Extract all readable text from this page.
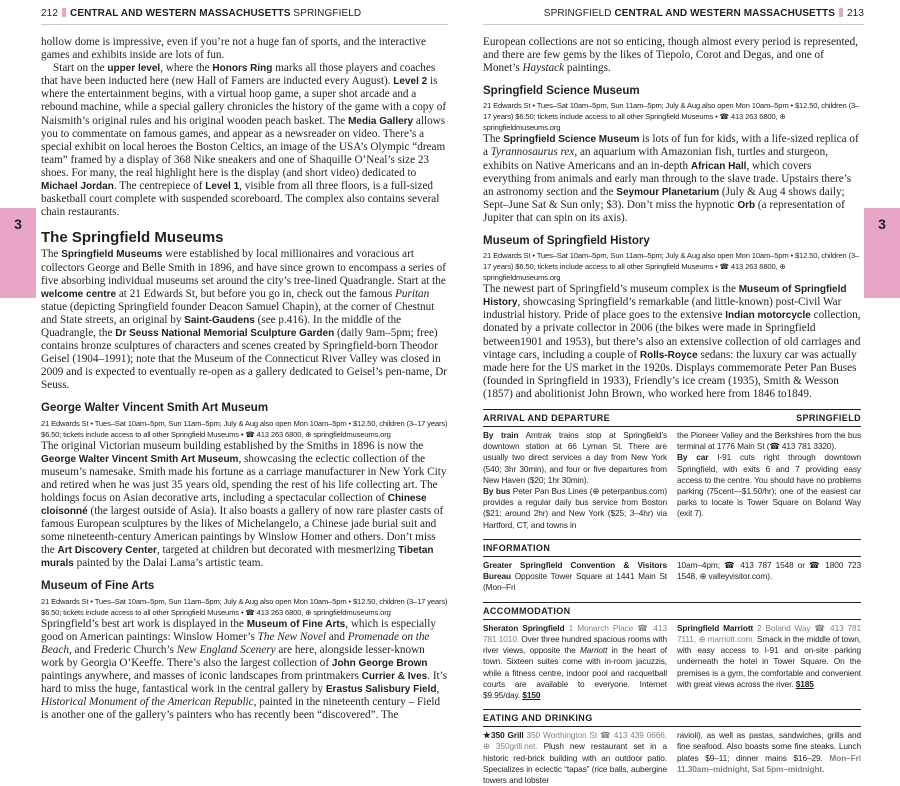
212 CENTRAL AND WESTERN MASSACHUSETTS SPRINGFIELD	SPRINGFIELD CENTRAL AND WESTERN MASSACHUSETTS 213
3	3

hollow dome is impressive, even if you’re not a huge fan of sports, and the interactive games and exhibits inside are lots of fun.

Start on the upper level, where the Honors Ring marks all those players and coaches that have been inducted here (new Hall of Famers are inducted every August). Level 2 is where the entertainment begins, with a virtual hoop game, a super shot arcade and a rebound machine, while a special gallery chronicles the history of the game with a copy of Naismith’s original rules and his original wooden peach basket. The Media Gallery allows you to commentate on famous games, and appear as a newsreader on video. There’s a special exhibit on local heroes the Boston Celtics, an image of the USA’s Olympic “dream team” framed by a display of 368 Nike sneakers and one of Shaquille O’Neal’s size 23 shoes. For many, the real highlight here is the display (and short video) dedicated to Michael Jordan. The centrepiece of Level 1, visible from all three floors, is a full-sized basketball court complete with suspended scoreboard. The complex also contains several chain restaurants.

The Springfield Museums

The Springfield Museums were established by local millionaires and voracious art collectors George and Belle Smith in 1896, and have since grown to encompass a series of five absorbing individual museums set around the city’s tree-lined Quadrangle. Start at the welcome centre at 21 Edwards St, but before you go in, check out the famous Puritan statue (depicting Springfield founder Deacon Samuel Chapin), at the corner of Chestnut and State streets, an original by Saint-Gaudens (see p.416). In the middle of the Quadrangle, the Dr Seuss National Memorial Sculpture Garden (daily 9am–5pm; free) contains bronze sculptures of characters and scenes created by Springfield-born Theodor Geisel (1904–1991); note that the Museum of the Connecticut River Valley was closed in 2009 and is expected to eventually re-open as a gallery dedicated to Geisel’s pen-name, Dr Seuss.

George Walter Vincent Smith Art Museum
21 Edwards St • Tues–Sat 10am–5pm, Sun 11am–5pm; July & Aug also open Mon 10am–5pm • $12.50, children (3–17 years) $6.50; tickets include access to all other Springfield Museums • ☎ 413 263 6800, ⊕ springfieldmuseums.org

The original Victorian museum building established by the Smiths in 1896 is now the George Walter Vincent Smith Art Museum, showcasing the eclectic collection of the museum’s namesake. Smith made his fortune as a carriage manufacturer in New York City and retired when he was just 35 years old, spending the rest of his life collecting art. The holdings focus on Asian decorative arts, including a spectacular collection of Chinese cloisonné (the largest outside of Asia). It also boasts a gallery of now rare plaster casts of famous European sculptures by the likes of Michelangelo, a Chinese jade burial suit and some nineteenth-century American paintings by Winslow Homer and others. Don’t miss the Art Discovery Center, targeted at children but decorated with mesmerizing Tibetan murals painted by the Dalai Lama’s artistic team.

Museum of Fine Arts
21 Edwards St • Tues–Sat 10am–5pm, Sun 11am–5pm; July & Aug also open Mon 10am–5pm • $12.50, children (3–17 years) $6.50; tickets include access to all other Springfield Museums • ☎ 413 263 6800, ⊕ springfieldmuseums.org

Springfield’s best art work is displayed in the Museum of Fine Arts, which is especially good on American paintings: Winslow Homer’s The New Novel and Promenade on the Beach, and Frederic Church’s New England Scenery are here, alongside lesser-known work by Georgia O’Keeffe. There’s also the largest collection of John George Brown paintings anywhere, and masses of iconic landscapes from printmakers Currier & Ives. It’s hard to miss the huge, fantastical work in the central gallery by Erastus Salisbury Field, Historical Monument of the American Republic, painted in the nineteenth century – Field is another one of the gallery’s painters who has recently been “discovered”. The

European collections are not so enticing, though almost every period is represented, and there are few gems by the likes of Tiepolo, Corot and Degas, and one of Monet’s Haystack paintings.

Springfield Science Museum
21 Edwards St • Tues–Sat 10am–5pm, Sun 11am–5pm; July & Aug also open Mon 10am–5pm • $12.50, children (3–17 years) $6.50; tickets include access to all other Springfield Museums • ☎ 413 263 6800, ⊕ springfieldmuseums.org

The Springfield Science Museum is lots of fun for kids, with a life-sized replica of a Tyrannosaurus rex, an aquarium with Amazonian fish, turtles and sturgeon, exhibits on Native Americans and an in-depth African Hall, which covers everything from animals and early man through to the slave trade. Upstairs there’s an astronomy section and the Seymour Planetarium (July & Aug 4 shows daily; Sept–June Sat & Sun only; $3). Don’t miss the hypnotic Orb (a representation of Jupiter that can spin on its axis).

Museum of Springfield History
21 Edwards St • Tues–Sat 10am–5pm, Sun 11am–5pm; July & Aug also open Mon 10am–5pm • $12.50, children (3–17 years) $6.50; tickets include access to all other Springfield Museums • ☎ 413 263 6800, ⊕ springfieldmuseums.org

The newest part of Springfield’s museum complex is the Museum of Springfield History, showcasing Springfield’s remarkable (and little-known) post-Civil War industrial history. Pride of place goes to the extensive Indian motorcycle collection, donated by a private collector in 2006 (the bikes were made in Springfield between1901 and 1953), but there’s also an extensive collection of old carriages and vintage cars, including a couple of Rolls-Royce sedans: the luxury car was actually made here for the US market in the 1920s. Displays commemorate Peter Pan Buses (founded in Springfield in 1933), Friendly’s ice cream (1935), Smith & Wesson (1857) and abolitionist John Brown, who worked here from 1846 to1849.

ARRIVAL AND DEPARTURE	SPRINGFIELD
By train Amtrak trains stop at Springfield’s downtown station at 66 Lyman St. There are usually two direct services a day from New York (540; 3hr 30min), and four or five departures from New Haven ($20; 1hr 30min).
By bus Peter Pan Bus Lines (⊕ peterpanbus.com) provides a regular daily bus service from Boston ($21; around 2hr) and New York ($25; 3–4hr) via Hartford, CT, and towns in
the Pioneer Valley and the Berkshires from the bus terminal at 1776 Main St (☎ 413 781 3320).
By car I-91 cuts right through downtown Springfield, with exits 6 and 7 providing easy access to the centre. You should have no problems parking (75cent—$1.50/hr); one of the easiest car parks to locate is Tower Square on Boland Way (exit 7).
INFORMATION
Greater Springfield Convention & Visitors Bureau Opposite Tower Square at 1441 Main St (Mon–Fri
10am–4pm; ☎ 413 787 1548 or ☎ 1800 723 1548, ⊕ valleyvisitor.com).
ACCOMMODATION
Sheraton Springfield 1 Monarch Place ☎ 413 781 1010. Over three hundred spacious rooms with river views, opposite the Marriott in the heart of town. Sixteen suites come with in-room jacuzzis, while a fitness centre, indoor pool and racquetball courts are available to everyone. Internet $9.95/day. $150
Springfield Marriott 2 Boland Way ☎ 413 781 7111, ⊕ marriott.com. Smack in the middle of town, with easy access to I-91 and on-site parking underneath the hotel in Tower Square. On the premises is a gym, the comfortable and convenient with great views across the river. $185
EATING AND DRINKING
★350 Grill 350 Worthington St ☎ 413 439 0666, ⊕ 350grill.net. Plush new restaurant set in a historic red-brick building with an outdoor patio. Specializes in eclectic “tapas” (rice balls, aubergine towers and lobster
ravioli), as well as pastas, sandwiches, grills and fine seafood. Also boasts some fine steaks. Lunch plates $9–11; dinner mains $16–29. Mon–Fri 11.30am–midnight, Sat 5pm–midnight.
